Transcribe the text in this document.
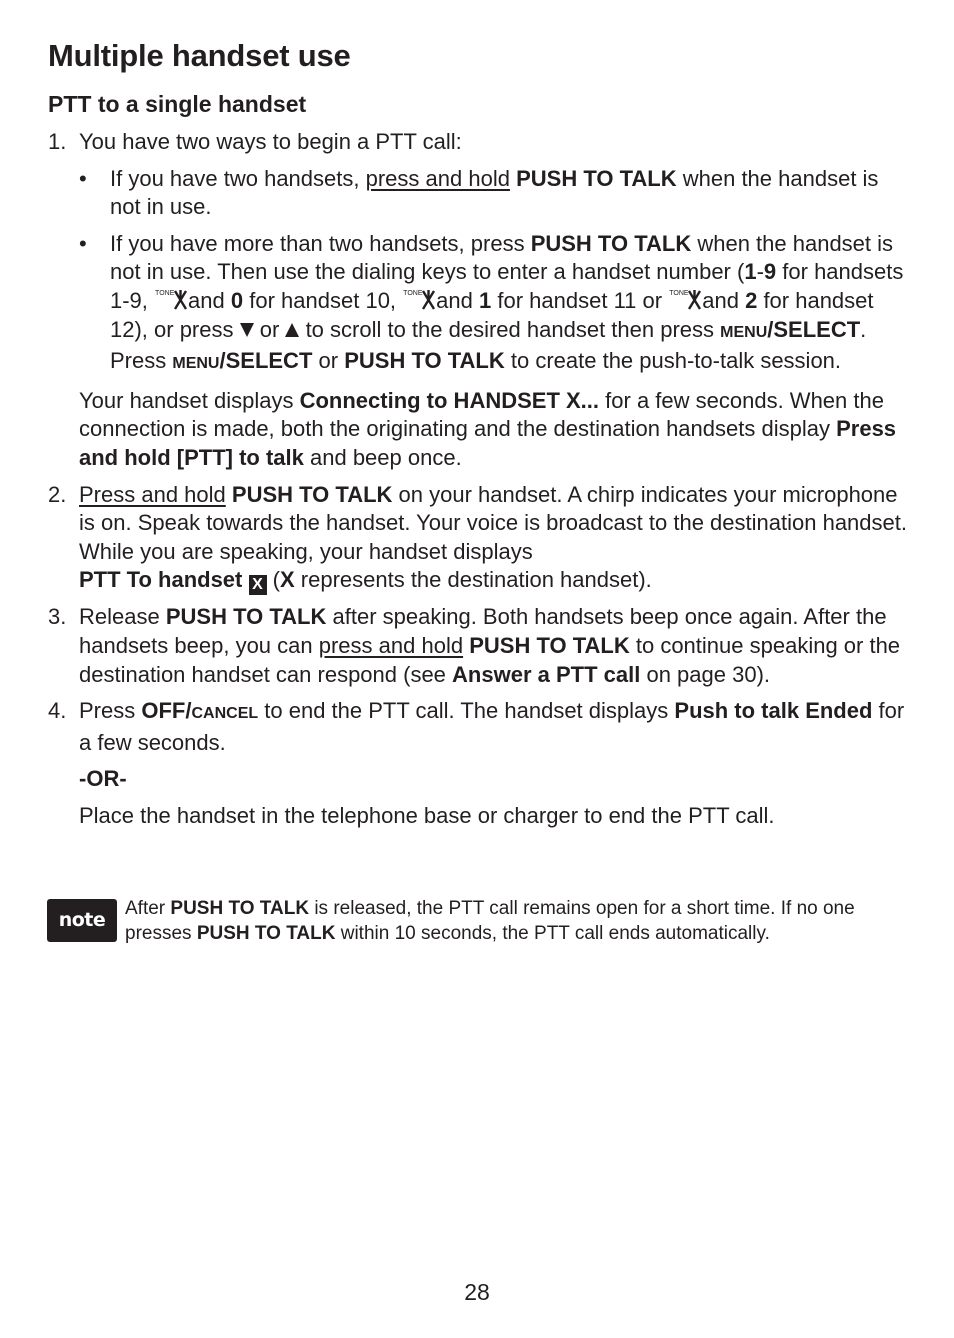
Multiple handset use
PTT to a single handset
1. You have two ways to begin a PTT call:

• If you have two handsets, press and hold PUSH TO TALK when the handset is not in use.

• If you have more than two handsets, press PUSH TO TALK when the handset is not in use. Then use the dialing keys to enter a handset number (1-9 for handsets 1-9, TONE and 0 for handset 10, TONE and 1 for handset 11 or TONE and 2 for handset 12), or press or to scroll to the desired handset then press MENU/SELECT. Press MENU/SELECT or PUSH TO TALK to create the push-to-talk session.

Your handset displays Connecting to HANDSET X... for a few seconds. When the connection is made, both the originating and the destination handsets display Press and hold [PTT] to talk and beep once.

2. Press and hold PUSH TO TALK on your handset. A chirp indicates your microphone is on. Speak towards the handset. Your voice is broadcast to the destination handset. While you are speaking, your handset displays
PTT To handset X (X represents the destination handset).

3. Release PUSH TO TALK after speaking. Both handsets beep once again. After the handsets beep, you can press and hold PUSH TO TALK to continue speaking or the destination handset can respond (see Answer a PTT call on page 30).

4. Press OFF/CANCEL to end the PTT call. The handset displays Push to talk Ended for a few seconds.

-OR-

Place the handset in the telephone base or charger to end the PTT call.

note

After PUSH TO TALK is released, the PTT call remains open for a short time. If no one presses PUSH TO TALK within 10 seconds, the PTT call ends automatically.

28
